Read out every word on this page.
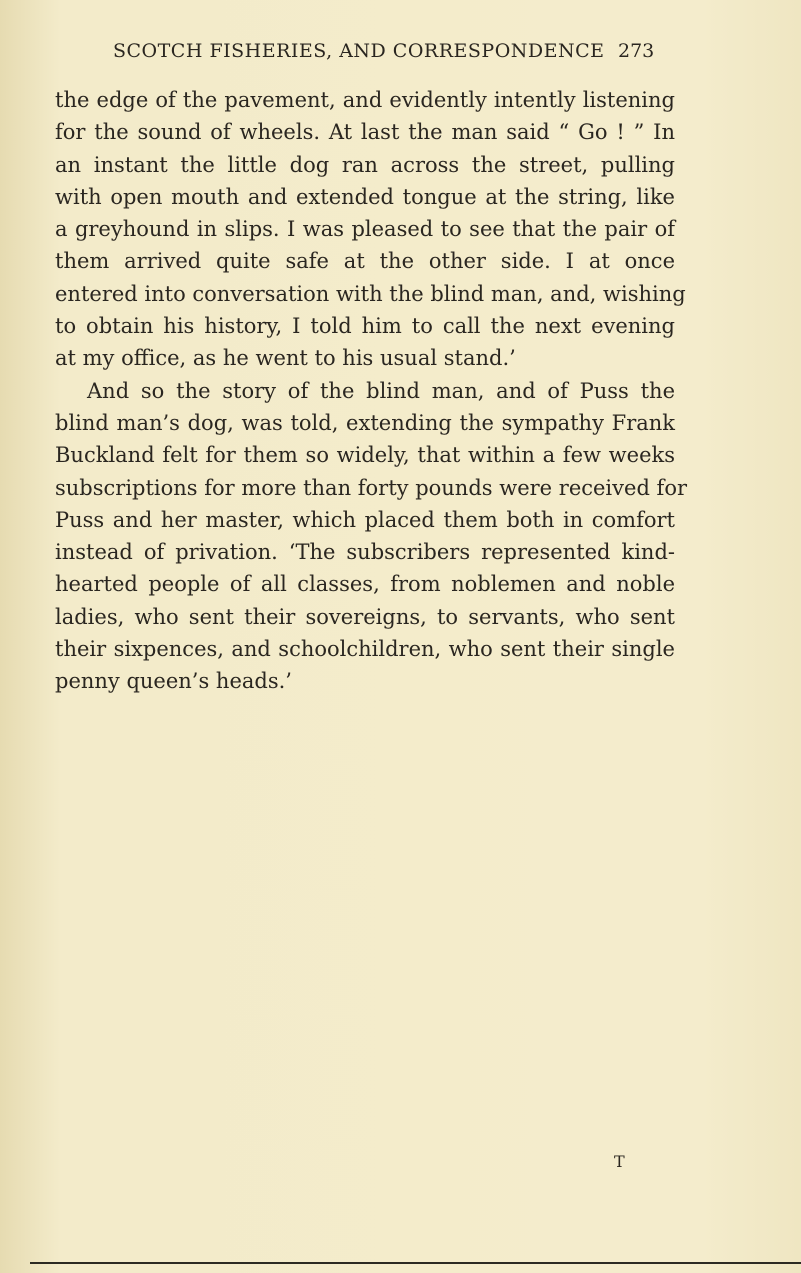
SCOTCH FISHERIES, AND CORRESPONDENCE 273
the edge of the pavement, and evidently intently listening
for the sound of wheels. At last the man said “ Go ! ” In
an instant the little dog ran across the street, pulling
with open mouth and extended tongue at the string, like
a greyhound in slips. I was pleased to see that the pair of
them arrived quite safe at the other side. I at once
entered into conversation with the blind man, and, wishing
to obtain his history, I told him to call the next evening
at my office, as he went to his usual stand.’
And so the story of the blind man, and of Puss the
blind man’s dog, was told, extending the sympathy Frank
Buckland felt for them so widely, that within a few weeks
subscriptions for more than forty pounds were received for
Puss and her master, which placed them both in comfort
instead of privation. ‘The subscribers represented kind-
hearted people of all classes, from noblemen and noble
ladies, who sent their sovereigns, to servants, who sent
their sixpences, and schoolchildren, who sent their single
penny queen’s heads.’
T
